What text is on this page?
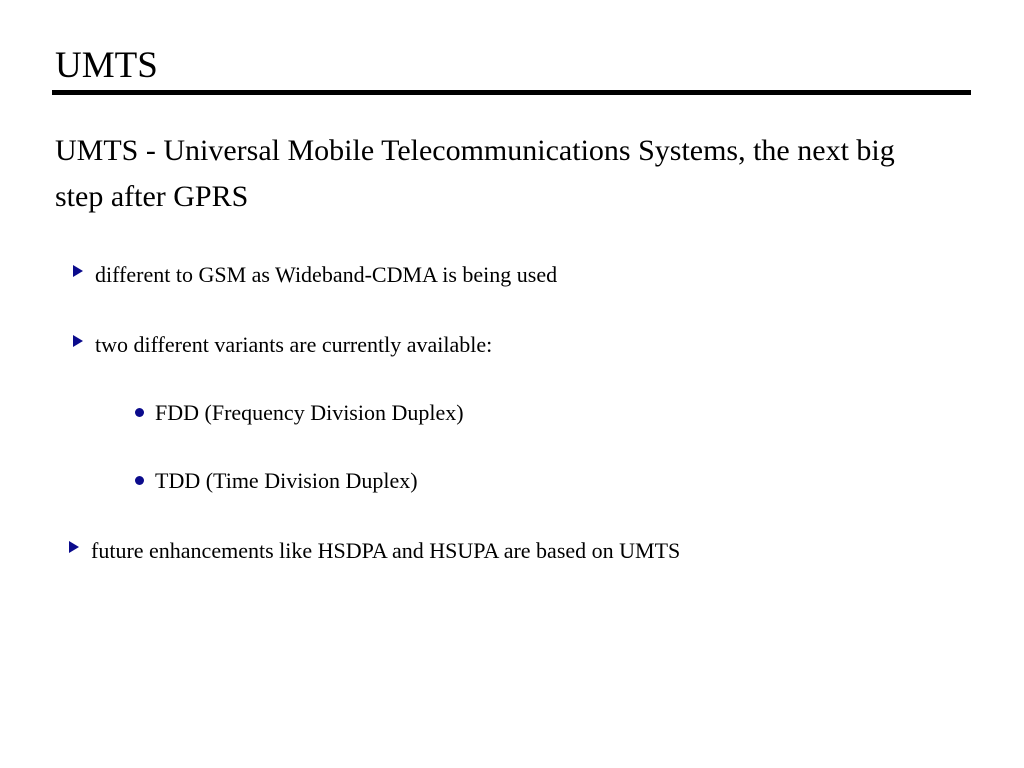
UMTS

UMTS - Universal Mobile Telecommunications Systems, the next big step after GPRS

different to GSM as Wideband-CDMA is being used
two different variants are currently available:
FDD (Frequency Division Duplex)
TDD (Time Division Duplex)
future enhancements like HSDPA and HSUPA are based on UMTS
